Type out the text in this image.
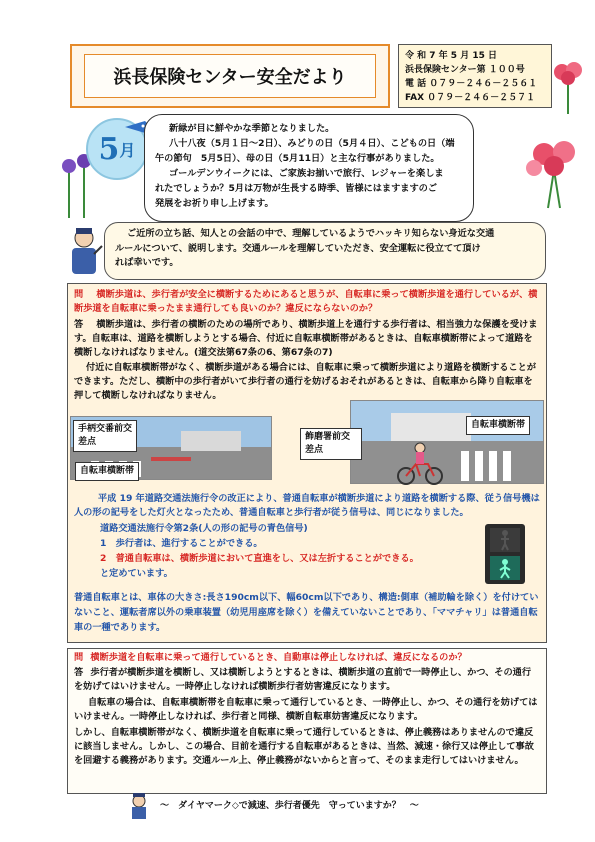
浜長保険センター安全だより
令 和 7 年 5 月 15 日
浜長保険センター第 １００号
電 話 ０７９－２４６－２５６１
FAX ０７９－２４６－２５７１
5 月
新緑が目に鮮やかな季節となりました。
八十八夜（5月１日～2日）、みどりの日（5月４日）、こどもの日（端
午の節句　5月5日）、母の日（5月11日）と主な行事がありました。
ゴールデンウイークには、ご家族お揃いで旅行、レジャーを楽しま
れたでしょうか？5月は万物が生長する時季、皆様にはますますのご
発展をお祈り申し上げます。
ご近所の立ち話、知人との会話の中で、理解しているようでハッキリ知らない身近な交通
ルールについて、説明します。交通ルールを理解していただき、安全運転に役立てて頂け
れば幸いです。
問 横断歩道は、歩行者が安全に横断するためにあると思うが、自転車に乗って横断歩道を通行しているが、横断歩道を自転車に乗ったまま通行しても良いのか？違反にならないのか？
答 横断歩道は、歩行者の横断のための場所であり、横断歩道上を通行する歩行者は、相当強力な保護を受けます。自転車は、道路を横断しようとする場合、付近に自転車横断帯があるときは、自転車横断帯によって道路を横断しなければなりません。(道交法第67条の6、第67条の7)
付近に自転車横断帯がなく、横断歩道がある場合には、自転車に乗って横断歩道により道路を横断することができます。ただし、横断中の歩行者がいて歩行者の通行を妨げるおそれがあるときは、自転車から降り自転車を押して横断しなければなりません。
手柄交番前交差点
自転車横断帯
飾磨署前交差点
自転車横断帯
平成 19 年道路交通法施行令の改正により、普通自転車が横断歩道により道路を横断する際、従う信号機は人の形の記号をした灯火となったため、普通自転車と歩行者が従う信号は、同じになりました。
道路交通法施行令第2条(人の形の記号の青色信号)
1　歩行者は、進行することができる。
2　普通自転車は、横断歩道において直進をし、又は左折することができる。
と定めています。
普通自転車とは、車体の大きさ:長さ190cm以下、幅60cm以下であり、構造:側車（補助輪を除く）を付けていないこと、運転者席以外の乗車装置（幼児用座席を除く）を備えていないことであり、「ママチャリ」は普通自転車の一種であります。
問 横断歩道を自転車に乗って通行しているとき、自動車は停止しなければ、違反になるのか？
答 歩行者が横断歩道を横断し、又は横断しようとするときは、横断歩道の直前で一時停止し、かつ、その通行を妨げてはいけません。一時停止しなければ横断歩行者妨害違反になります。
自転車の場合は、自転車横断帯を自転車に乗って通行しているとき、一時停止し、かつ、その通行を妨げてはいけません。一時停止しなければ、歩行者と同様、横断自転車妨害違反になります。
しかし、自転車横断帯がなく、横断歩道を自転車に乗って通行しているときは、停止義務はありませんので違反に該当しません。しかし、この場合、目前を通行する自転車があるときは、当然、減速・徐行又は停止して事故を回避する義務があります。交通ルール上、停止義務がないからと言って、そのまま走行してはいけません。
～　ダイヤマーク◇で減速、歩行者優先　守っていますか？　～
